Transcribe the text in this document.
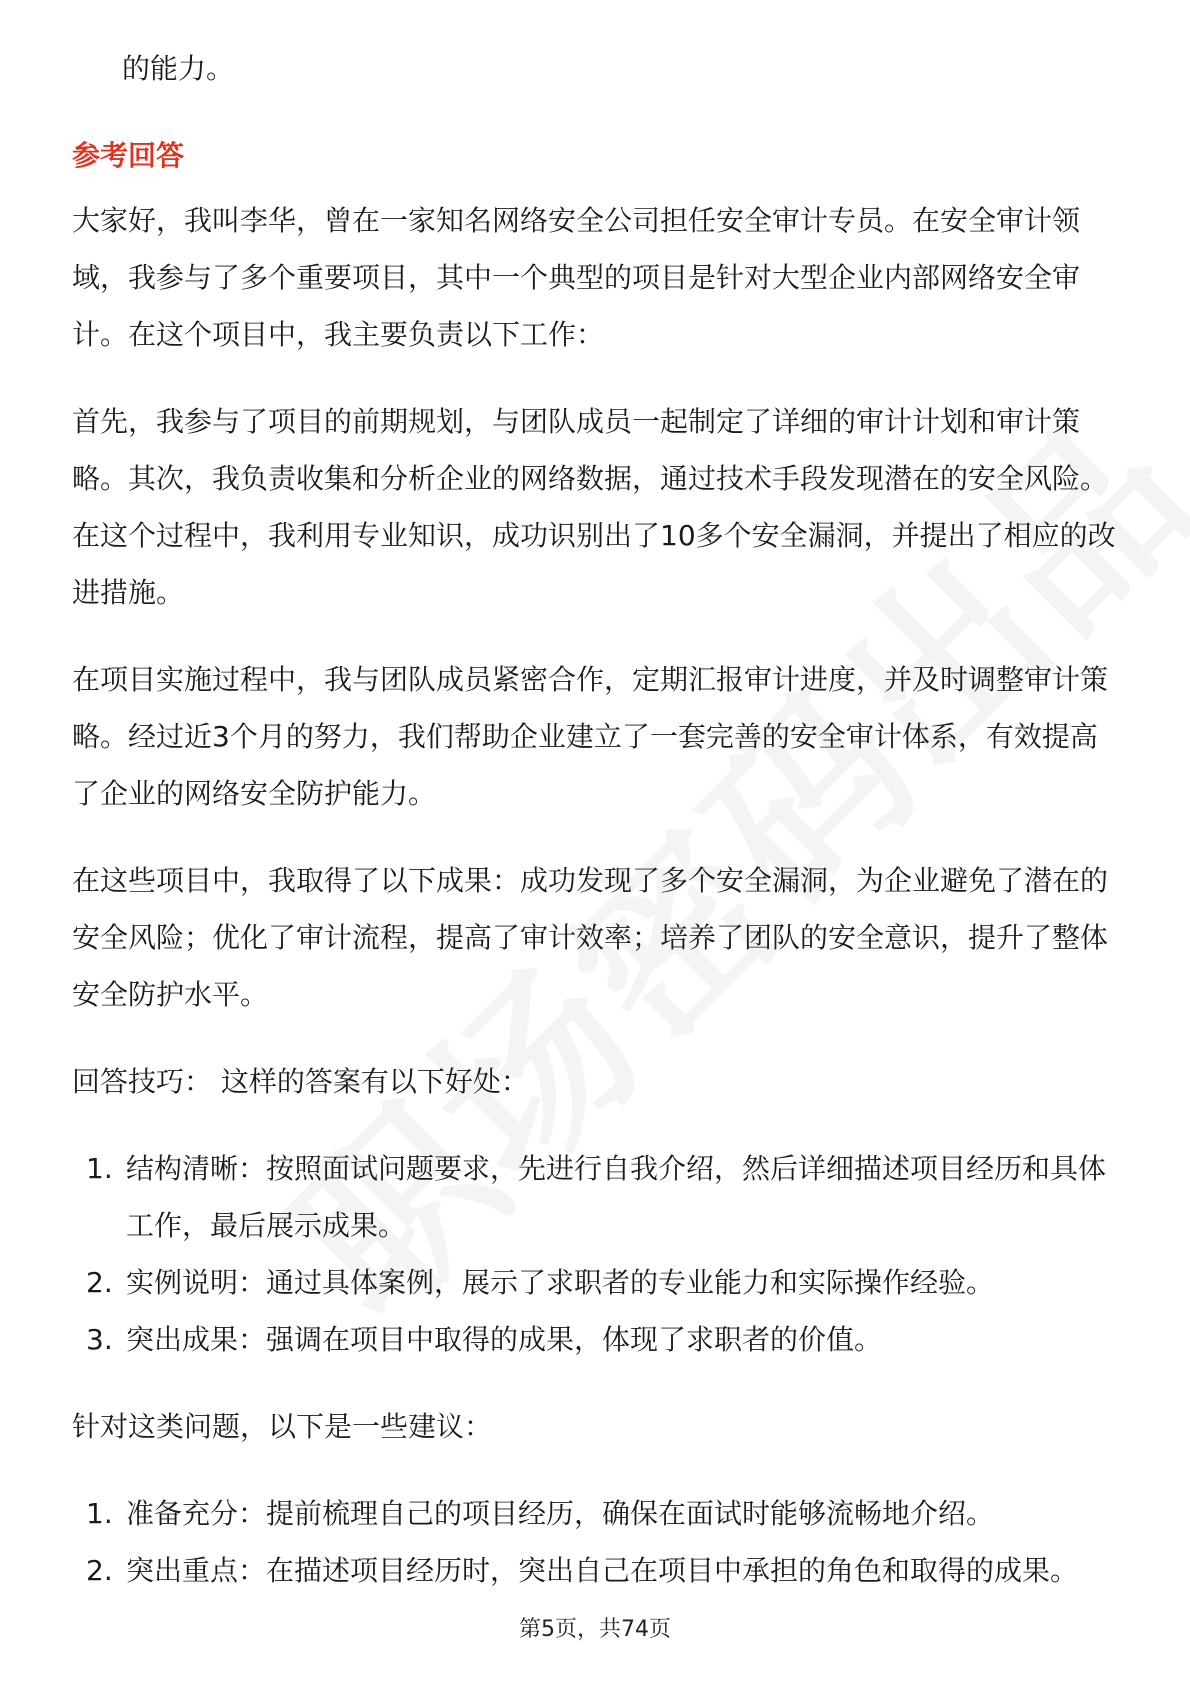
的能力。

参考回答

大家好，我叫李华，曾在一家知名网络安全公司担任安全审计专员。在安全审计领域，我参与了多个重要项目，其中一个典型的项目是针对大型企业内部网络安全审计。在这个项目中，我主要负责以下工作：

首先，我参与了项目的前期规划，与团队成员一起制定了详细的审计计划和审计策略。其次，我负责收集和分析企业的网络数据，通过技术手段发现潜在的安全风险。在这个过程中，我利用专业知识，成功识别出了10多个安全漏洞，并提出了相应的改进措施。

在项目实施过程中，我与团队成员紧密合作，定期汇报审计进度，并及时调整审计策略。经过近3个月的努力，我们帮助企业建立了一套完善的安全审计体系，有效提高了企业的网络安全防护能力。

在这些项目中，我取得了以下成果：成功发现了多个安全漏洞，为企业避免了潜在的安全风险；优化了审计流程，提高了审计效率；培养了团队的安全意识，提升了整体安全防护水平。

回答技巧： 这样的答案有以下好处：

1. 结构清晰：按照面试问题要求，先进行自我介绍，然后详细描述项目经历和具体工作，最后展示成果。
2. 实例说明：通过具体案例，展示了求职者的专业能力和实际操作经验。
3. 突出成果：强调在项目中取得的成果，体现了求职者的价值。

针对这类问题，以下是一些建议：

1. 准备充分：提前梳理自己的项目经历，确保在面试时能够流畅地介绍。
2. 突出重点：在描述项目经历时，突出自己在项目中承担的角色和取得的成果。
第5页，共74页
